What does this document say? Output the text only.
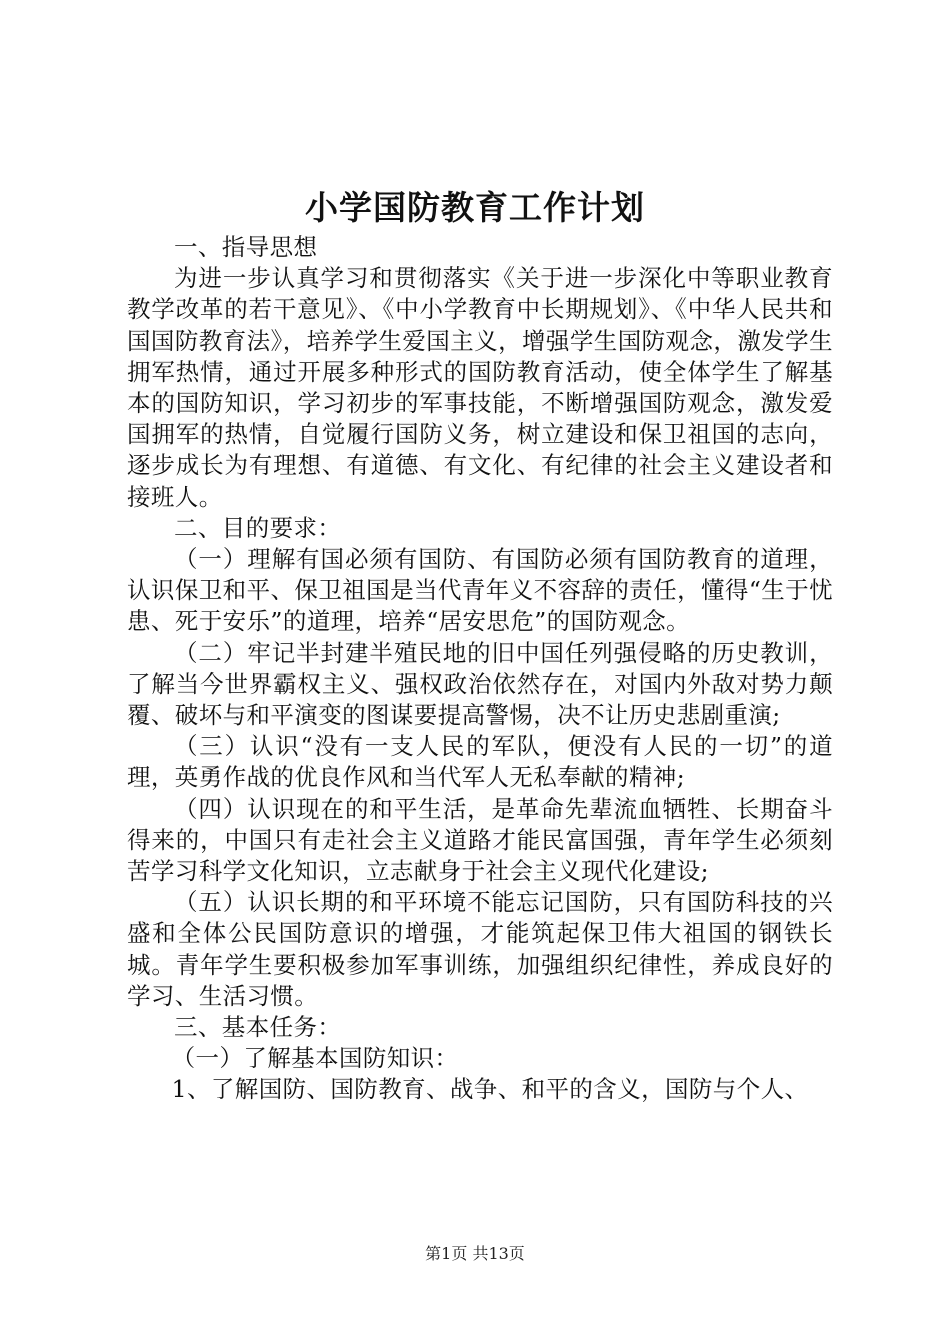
小学国防教育工作计划

一、指导思想

为进一步认真学习和贯彻落实《关于进一步深化中等职业教育教学改革的若干意见》、《中小学教育中长期规划》、《中华人民共和国国防教育法》，培养学生爱国主义，增强学生国防观念，激发学生拥军热情，通过开展多种形式的国防教育活动，使全体学生了解基本的国防知识，学习初步的军事技能，不断增强国防观念，激发爱国拥军的热情，自觉履行国防义务，树立建设和保卫祖国的志向，逐步成长为有理想、有道德、有文化、有纪律的社会主义建设者和接班人。

二、目的要求：

（一）理解有国必须有国防、有国防必须有国防教育的道理，认识保卫和平、保卫祖国是当代青年义不容辞的责任，懂得“生于忧患、死于安乐”的道理，培养“居安思危”的国防观念。

（二）牢记半封建半殖民地的旧中国任列强侵略的历史教训，了解当今世界霸权主义、强权政治依然存在，对国内外敌对势力颠覆、破坏与和平演变的图谋要提高警惕，决不让历史悲剧重演;

（三）认识“没有一支人民的军队，便没有人民的一切”的道理，英勇作战的优良作风和当代军人无私奉献的精神;

（四）认识现在的和平生活，是革命先辈流血牺牲、长期奋斗得来的，中国只有走社会主义道路才能民富国强，青年学生必须刻苦学习科学文化知识，立志献身于社会主义现代化建设;

（五）认识长期的和平环境不能忘记国防，只有国防科技的兴盛和全体公民国防意识的增强，才能筑起保卫伟大祖国的钢铁长城。青年学生要积极参加军事训练，加强组织纪律性，养成良好的学习、生活习惯。

三、基本任务：

（一）了解基本国防知识：

1、了解国防、国防教育、战争、和平的含义，国防与个人、

第1页 共13页
